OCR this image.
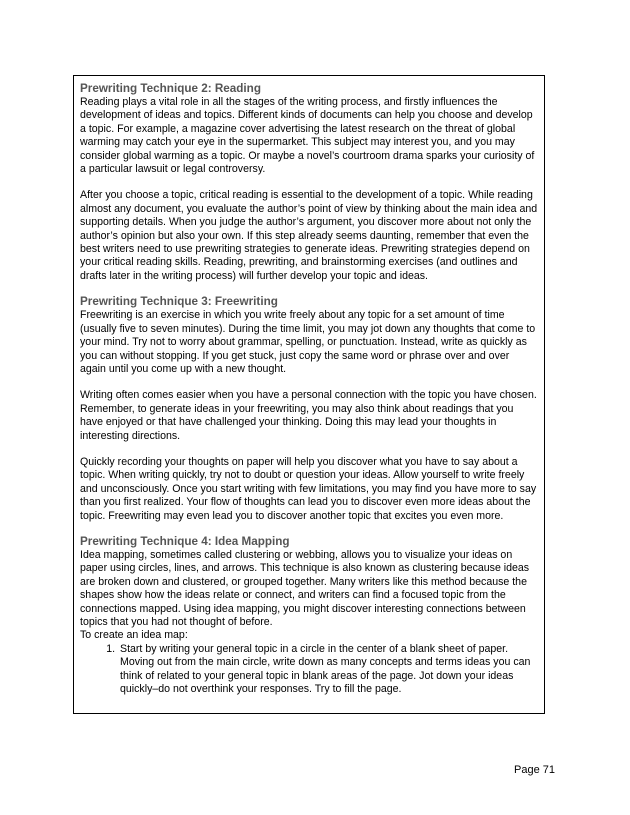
Prewriting Technique 2: Reading

Reading plays a vital role in all the stages of the writing process, and firstly influences the development of ideas and topics. Different kinds of documents can help you choose and develop a topic. For example, a magazine cover advertising the latest research on the threat of global warming may catch your eye in the supermarket. This subject may interest you, and you may consider global warming as a topic. Or maybe a novel’s courtroom drama sparks your curiosity of a particular lawsuit or legal controversy.

After you choose a topic, critical reading is essential to the development of a topic. While reading almost any document, you evaluate the author’s point of view by thinking about the main idea and supporting details. When you judge the author’s argument, you discover more about not only the author’s opinion but also your own. If this step already seems daunting, remember that even the best writers need to use prewriting strategies to generate ideas. Prewriting strategies depend on your critical reading skills. Reading, prewriting, and brainstorming exercises (and outlines and drafts later in the writing process) will further develop your topic and ideas.

Prewriting Technique 3: Freewriting

Freewriting is an exercise in which you write freely about any topic for a set amount of time (usually five to seven minutes). During the time limit, you may jot down any thoughts that come to your mind. Try not to worry about grammar, spelling, or punctuation. Instead, write as quickly as you can without stopping. If you get stuck, just copy the same word or phrase over and over again until you come up with a new thought.

Writing often comes easier when you have a personal connection with the topic you have chosen. Remember, to generate ideas in your freewriting, you may also think about readings that you have enjoyed or that have challenged your thinking. Doing this may lead your thoughts in interesting directions.

Quickly recording your thoughts on paper will help you discover what you have to say about a topic. When writing quickly, try not to doubt or question your ideas. Allow yourself to write freely and unconsciously. Once you start writing with few limitations, you may find you have more to say than you first realized. Your flow of thoughts can lead you to discover even more ideas about the topic. Freewriting may even lead you to discover another topic that excites you even more.

Prewriting Technique 4: Idea Mapping

Idea mapping, sometimes called clustering or webbing, allows you to visualize your ideas on paper using circles, lines, and arrows. This technique is also known as clustering because ideas are broken down and clustered, or grouped together. Many writers like this method because the shapes show how the ideas relate or connect, and writers can find a focused topic from the connections mapped. Using idea mapping, you might discover interesting connections between topics that you had not thought of before.

To create an idea map:

1. Start by writing your general topic in a circle in the center of a blank sheet of paper. Moving out from the main circle, write down as many concepts and terms ideas you can think of related to your general topic in blank areas of the page. Jot down your ideas quickly–do not overthink your responses. Try to fill the page.
Page 71
